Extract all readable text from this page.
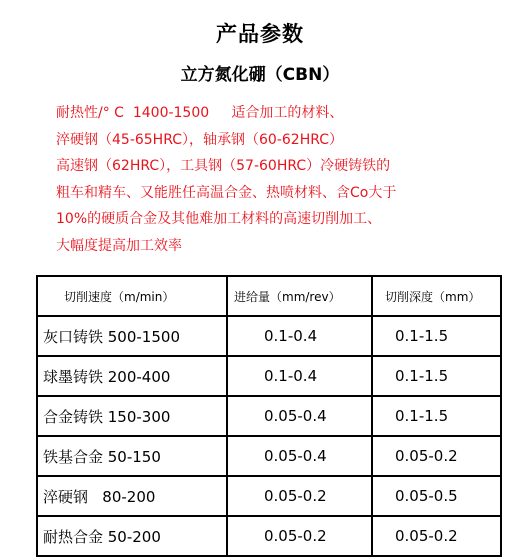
产品参数
立方氮化硼（CBN）
耐热性/° C  1400-1500     适合加工的材料、
淬硬钢（45-65HRC），轴承钢（60-62HRC）
高速钢（62HRC），工具钢（57-60HRC）冷硬铸铁的
粗车和精车、又能胜任高温合金、热喷材料、含Co大于
10%的硬质合金及其他难加工材料的高速切削加工、
大幅度提高加工效率
切削速度（m/min）	进给量（mm/rev）	切削深度（mm）
灰口铸铁 500-1500	0.1-0.4	0.1-1.5
球墨铸铁 200-400	0.1-0.4	0.1-1.5
合金铸铁 150-300	0.05-0.4	0.1-1.5
铁基合金 50-150	0.05-0.4	0.05-0.2
淬硬钢   80-200	0.05-0.2	0.05-0.5
耐热合金 50-200	0.05-0.2	0.05-0.2
